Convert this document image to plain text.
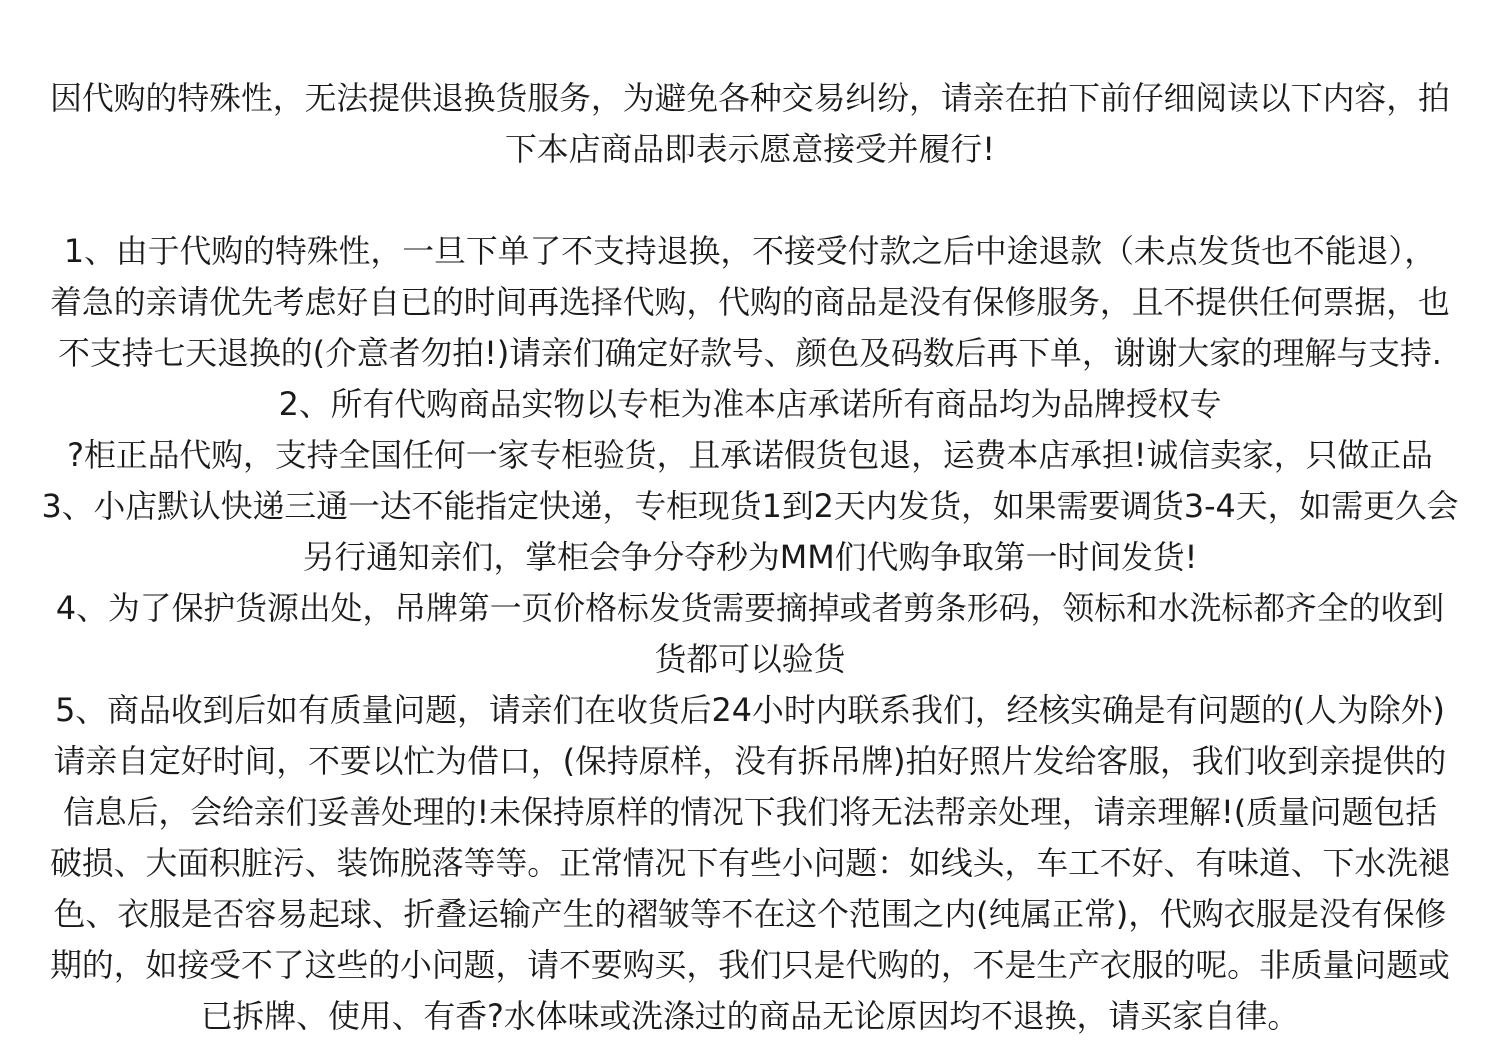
因代购的特殊性，无法提供退换货服务，为避免各种交易纠纷，请亲在拍下前仔细阅读以下内容，拍
下本店商品即表示愿意接受并履行!
1、由于代购的特殊性，一旦下单了不支持退换，不接受付款之后中途退款（未点发货也不能退），
着急的亲请优先考虑好自已的时间再选择代购，代购的商品是没有保修服务，且不提供任何票据，也
不支持七天退换的(介意者勿拍!)请亲们确定好款号、颜色及码数后再下单，谢谢大家的理解与支持.
2、所有代购商品实物以专柜为准本店承诺所有商品均为品牌授权专
?柜正品代购，支持全国任何一家专柜验货，且承诺假货包退，运费本店承担!诚信卖家，只做正品
3、小店默认快递三通一达不能指定快递，专柜现货1到2天内发货，如果需要调货3-4天，如需更久会
另行通知亲们，掌柜会争分夺秒为MM们代购争取第一时间发货!
4、为了保护货源出处，吊牌第一页价格标发货需要摘掉或者剪条形码，领标和水洗标都齐全的收到
货都可以验货
5、商品收到后如有质量问题，请亲们在收货后24小时内联系我们，经核实确是有问题的(人为除外)
请亲自定好时间，不要以忙为借口，(保持原样，没有拆吊牌)拍好照片发给客服，我们收到亲提供的
信息后，会给亲们妥善处理的!未保持原样的情况下我们将无法帮亲处理，请亲理解!(质量问题包括
破损、大面积脏污、装饰脱落等等。正常情况下有些小问题：如线头，车工不好、有味道、下水洗褪
色、衣服是否容易起球、折叠运输产生的褶皱等不在这个范围之内(纯属正常)，代购衣服是没有保修
期的，如接受不了这些的小问题，请不要购买，我们只是代购的，不是生产衣服的呢。非质量问题或
已拆牌、使用、有香?水体味或洗涤过的商品无论原因均不退换，请买家自律。
